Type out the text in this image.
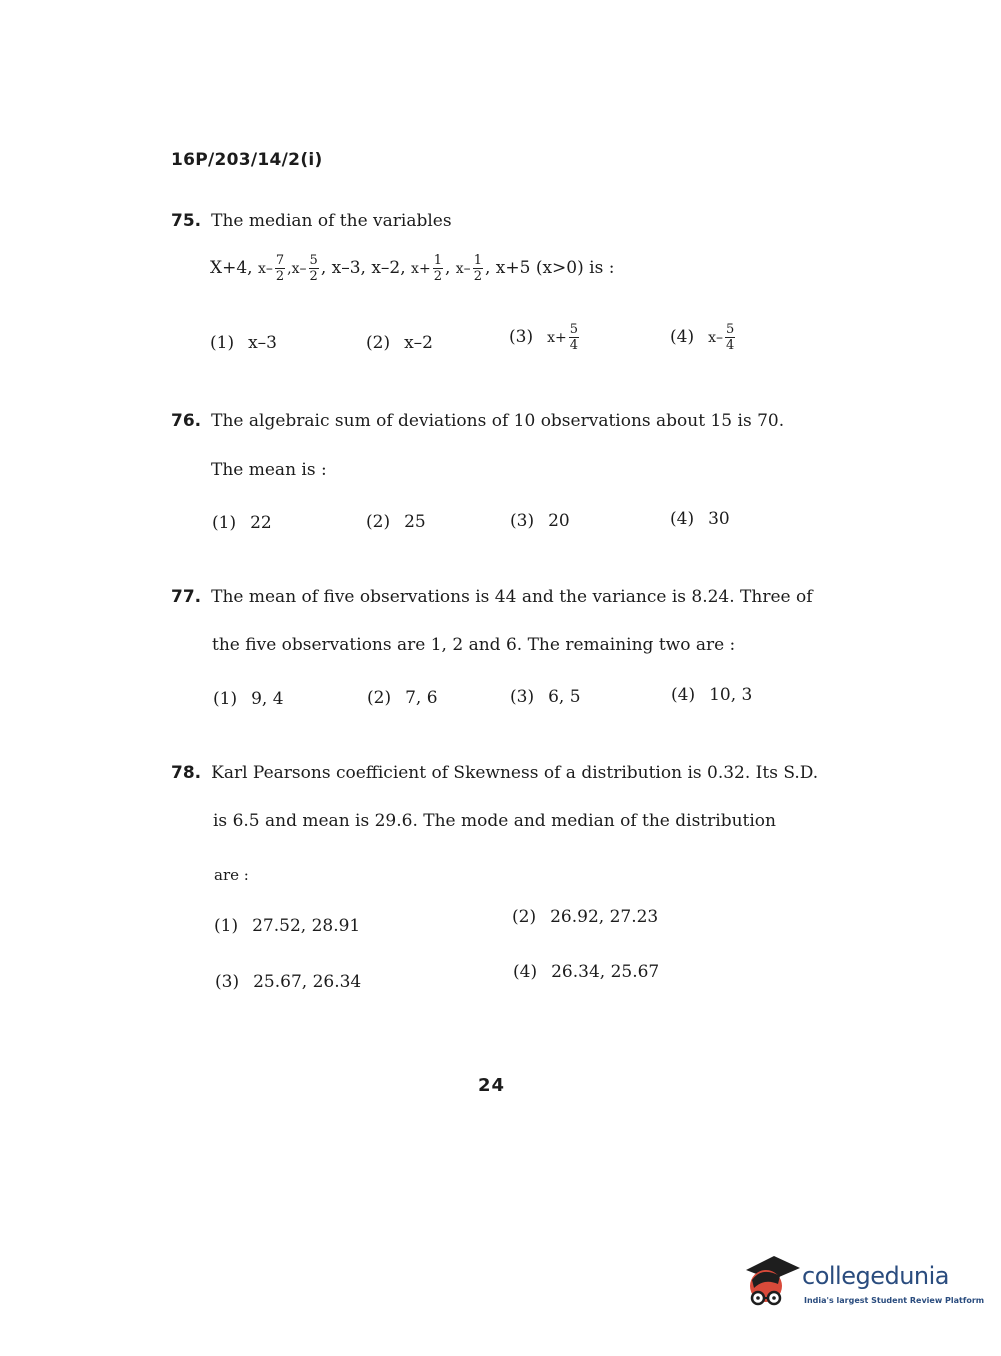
16P/203/14/2(i)
75. The median of the variables
X+4, $x- \frac{7}{2} ,x- \frac{5}{2}$ , x–3, x–2, $x+ \frac{1}{2}$ , $x- \frac{1}{2}$ , x+5 (x>0) is :
(1) x–3	(2) x–2	(3) $x+ \frac{5}{4}$	(4) $x- \frac{5}{4}$
76. The algebraic sum of deviations of 10 observations about 15 is 70.
The mean is :
(1) 22	(2) 25	(3) 20	(4) 30
77. The mean of five observations is 44 and the variance is 8.24. Three of
the five observations are 1, 2 and 6. The remaining two are :
(1) 9, 4	(2) 7, 6	(3) 6, 5	(4) 10, 3
78. Karl Pearsons coefficient of Skewness of a distribution is 0.32. Its S.D.
is 6.5 and mean is 29.6. The mode and median of the distribution
are :
(1) 27.52, 28.91	(2) 26.92, 27.23
(3) 25.67, 26.34	(4) 26.34, 25.67
24
collegedunia
India's largest Student Review Platform
